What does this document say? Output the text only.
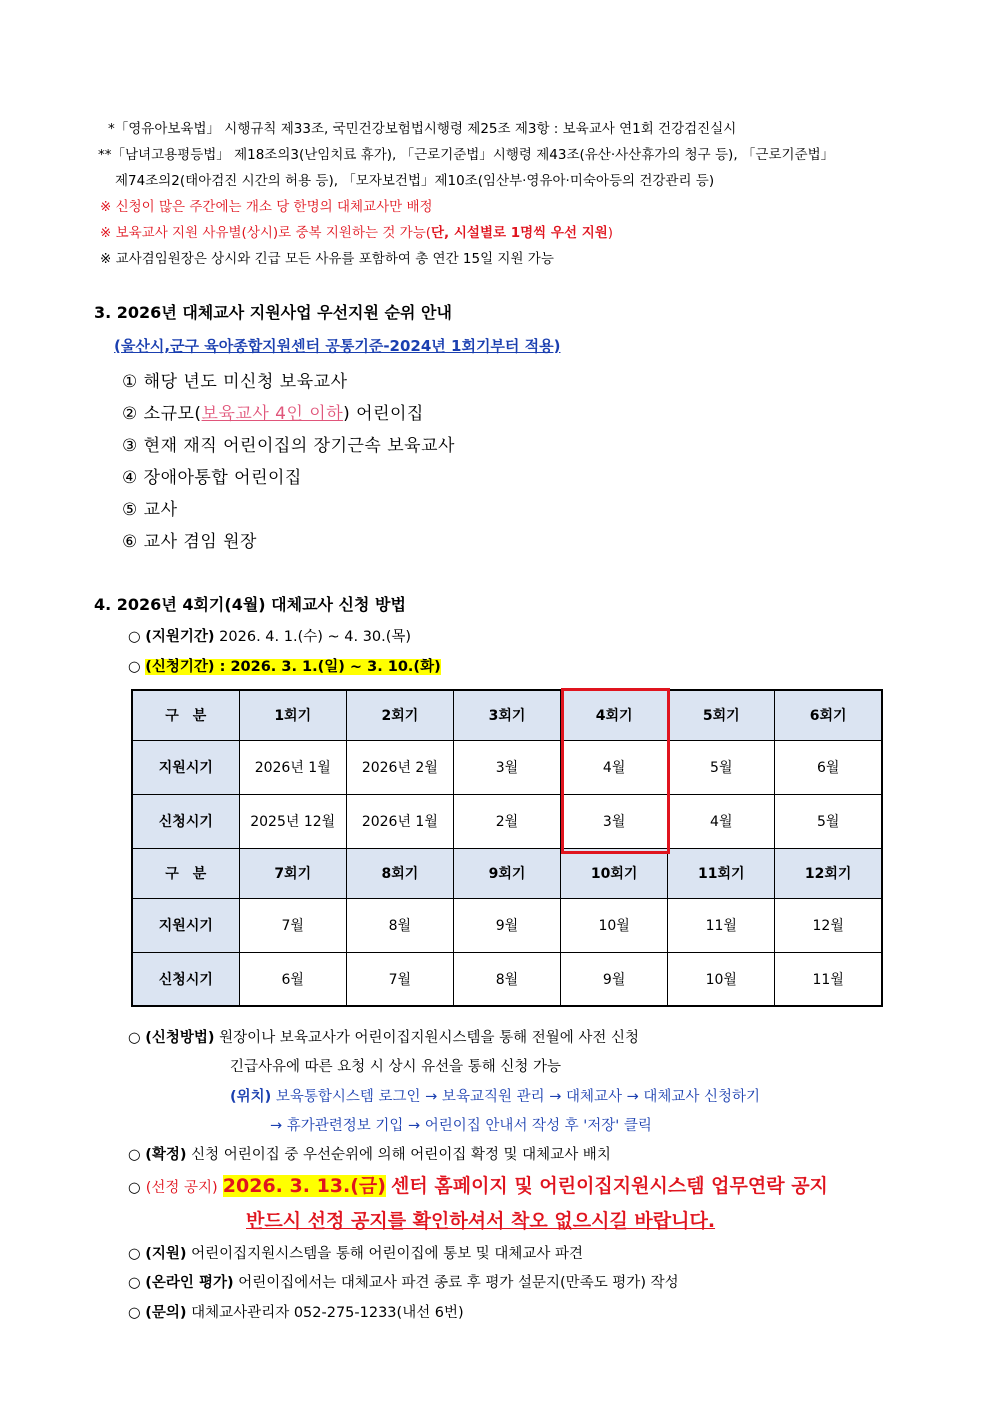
*「영유아보육법」 시행규칙 제33조, 국민건강보험법시행령 제25조 제3항 : 보육교사 연1회 건강검진실시
**「남녀고용평등법」 제18조의3(난임치료 휴가), 「근로기준법」시행령 제43조(유산·사산휴가의 청구 등), 「근로기준법」
제74조의2(태아검진 시간의 허용 등), 「모자보건법」제10조(임산부·영유아·미숙아등의 건강관리 등)
※ 신청이 많은 주간에는 개소 당 한명의 대체교사만 배정
※ 보육교사 지원 사유별(상시)로 중복 지원하는 것 가능(단, 시설별로 1명씩 우선 지원)
※ 교사겸임원장은 상시와 긴급 모든 사유를 포함하여 총 연간 15일 지원 가능
3. 2026년 대체교사 지원사업 우선지원 순위 안내
(울산시,군구 육아종합지원센터 공통기준-2024년 1회기부터 적용)
① 해당 년도 미신청 보육교사
② 소규모(보육교사 4인 이하) 어린이집
③ 현재 재직 어린이집의 장기근속 보육교사
④ 장애아통합 어린이집
⑤ 교사
⑥ 교사 겸임 원장
4. 2026년 4회기(4월) 대체교사 신청 방법
○ (지원기간) 2026. 4. 1.(수) ~ 4. 30.(목)
○ (신청기간) : 2026. 3. 1.(일) ~ 3. 10.(화)
구　분	1회기	2회기	3회기	4회기	5회기	6회기
지원시기	2026년 1월	2026년 2월	3월	4월	5월	6월
신청시기	2025년 12월	2026년 1월	2월	3월	4월	5월
구　분	7회기	8회기	9회기	10회기	11회기	12회기
지원시기	7월	8월	9월	10월	11월	12월
신청시기	6월	7월	8월	9월	10월	11월
○ (신청방법) 원장이나 보육교사가 어린이집지원시스템을 통해 전월에 사전 신청
긴급사유에 따른 요청 시 상시 유선을 통해 신청 가능
(위치) 보육통합시스템 로그인 → 보육교직원 관리 → 대체교사 → 대체교사 신청하기
→ 휴가관련정보 기입 → 어린이집 안내서 작성 후 '저장' 클릭
○ (확정) 신청 어린이집 중 우선순위에 의해 어린이집 확정 및 대체교사 배치
○ (선정 공지) 2026. 3. 13.(금) 센터 홈페이지 및 어린이집지원시스템 업무연락 공지
반드시 선정 공지를 확인하셔서 착오 없으시길 바랍니다.
○ (지원) 어린이집지원시스템을 통해 어린이집에 통보 및 대체교사 파견
○ (온라인 평가) 어린이집에서는 대체교사 파견 종료 후 평가 설문지(만족도 평가) 작성
○ (문의) 대체교사관리자 052-275-1233(내선 6번)
